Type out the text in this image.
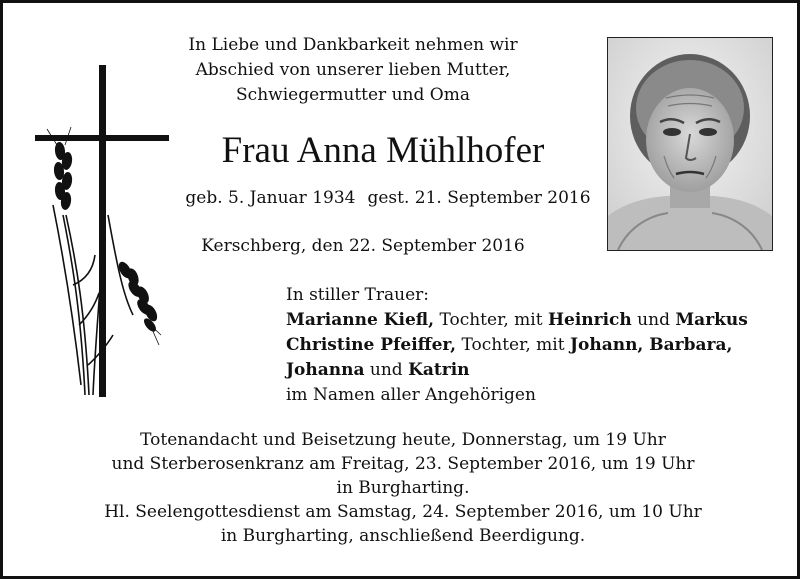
In Liebe und Dankbarkeit nehmen wir
Abschied von unserer lieben Mutter,
Schwiegermutter und Oma
Frau Anna Mühlhofer
geb. 5. Januar 1934 gest. 21. September 2016
Kerschberg, den 22. September 2016
In stiller Trauer:
Marianne Kiefl, Tochter, mit Heinrich und Markus
Christine Pfeiffer, Tochter, mit Johann, Barbara,
Johanna und Katrin
im Namen aller Angehörigen
Totenandacht und Beisetzung heute, Donnerstag, um 19 Uhr
und Sterberosenkranz am Freitag, 23. September 2016, um 19 Uhr
in Burgharting.
Hl. Seelengottesdienst am Samstag, 24. September 2016, um 10 Uhr
in Burgharting, anschließend Beerdigung.
